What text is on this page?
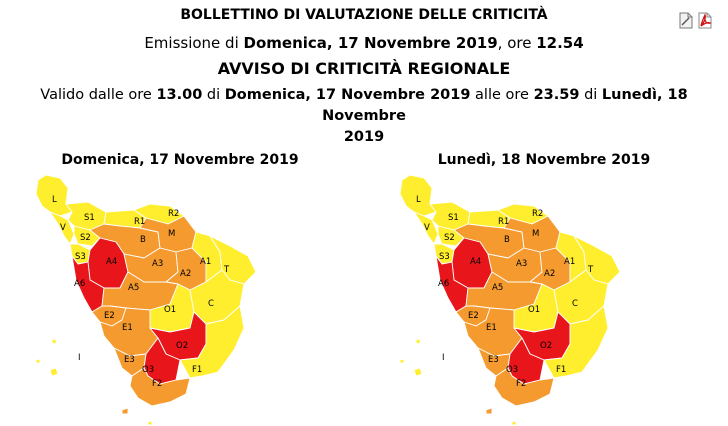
BOLLETTINO DI VALUTAZIONE DELLE CRITICITÀ
Emissione di Domenica, 17 Novembre 2019, ore 12.54
AVVISO DI CRITICITÀ REGIONALE
Valido dalle ore 13.00 di Domenica, 17 Novembre 2019 alle ore 23.59 di Lunedì, 18 Novembre
2019
Domenica, 17 Novembre 2019	Lunedì, 18 Novembre 2019
L
V
S1
S2
S3
R1
R2
B
M
A4
A6
A3
A2
A1
T
A5
O1
C
E2
E1
O2
E3
O3	F1
F2
I
L
V
S1
S2
S3
R1
R2
B
M
A4
A6
A3
A2
A1
T
A5
O1
C
E2
E1
O2
E3
O3	F1
F2
I
